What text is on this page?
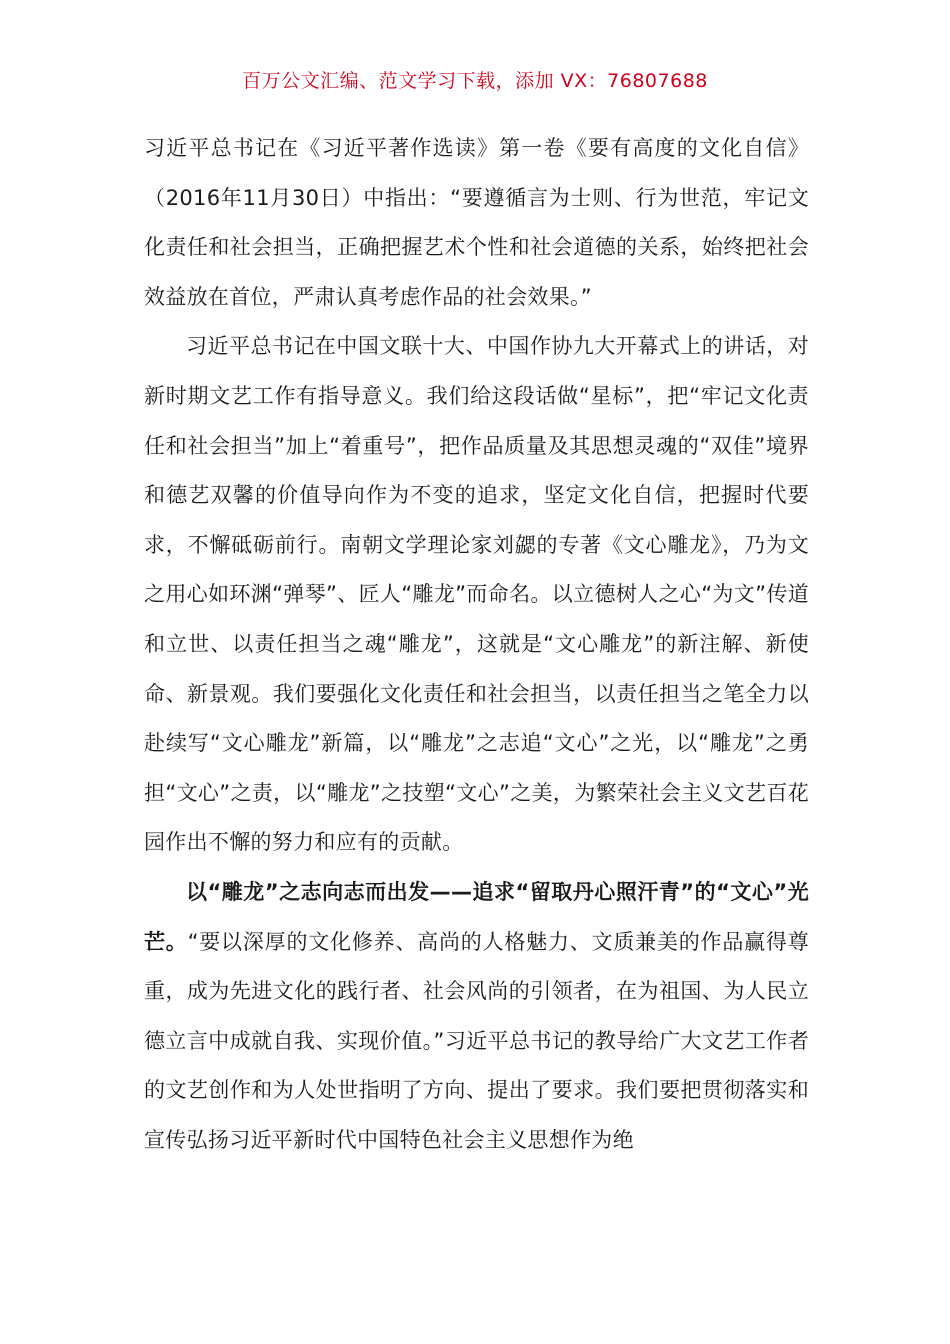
百万公文汇编、范文学习下载，添加 VX：76807688

习近平总书记在《习近平著作选读》第一卷《要有高度的文化自信》（2016年11月30日）中指出：“要遵循言为士则、行为世范，牢记文化责任和社会担当，正确把握艺术个性和社会道德的关系，始终把社会效益放在首位，严肃认真考虑作品的社会效果。”

习近平总书记在中国文联十大、中国作协九大开幕式上的讲话，对新时期文艺工作有指导意义。我们给这段话做“星标”，把“牢记文化责任和社会担当”加上“着重号”，把作品质量及其思想灵魂的“双佳”境界和德艺双馨的价值导向作为不变的追求，坚定文化自信，把握时代要求，不懈砥砺前行。南朝文学理论家刘勰的专著《文心雕龙》，乃为文之用心如环渊“弹琴”、匠人“雕龙”而命名。以立德树人之心“为文”传道和立世、以责任担当之魂“雕龙”，这就是“文心雕龙”的新注解、新使命、新景观。我们要强化文化责任和社会担当，以责任担当之笔全力以赴续写“文心雕龙”新篇，以“雕龙”之志追“文心”之光，以“雕龙”之勇担“文心”之责，以“雕龙”之技塑“文心”之美，为繁荣社会主义文艺百花园作出不懈的努力和应有的贡献。

以“雕龙”之志向志而出发——追求“留取丹心照汗青”的“文心”光芒。“要以深厚的文化修养、高尚的人格魅力、文质兼美的作品赢得尊重，成为先进文化的践行者、社会风尚的引领者，在为祖国、为人民立德立言中成就自我、实现价值。”习近平总书记的教导给广大文艺工作者的文艺创作和为人处世指明了方向、提出了要求。我们要把贯彻落实和宣传弘扬习近平新时代中国特色社会主义思想作为绝
